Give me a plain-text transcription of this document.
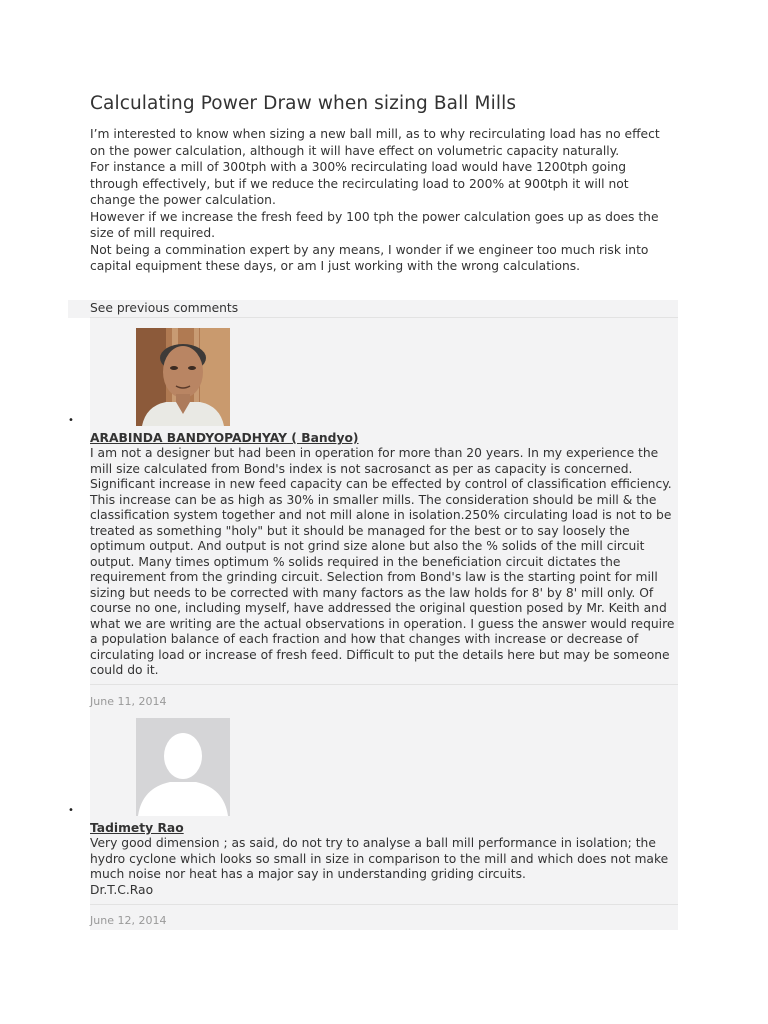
Calculating Power Draw when sizing Ball Mills

I’m interested to know when sizing a new ball mill, as to why recirculating load has no effect on the power calculation, although it will have effect on volumetric capacity naturally.

For instance a mill of 300tph with a 300% recirculating load would have 1200tph going through effectively, but if we reduce the recirculating load to 200% at 900tph it will not change the power calculation.

However if we increase the fresh feed by 100 tph the power calculation goes up as does the size of mill required.

Not being a commination expert by any means, I wonder if we engineer too much risk into capital equipment these days, or am I just working with the wrong calculations.

See previous comments
ARABINDA BANDYOPADHYAY ( Bandyo)

I am not a designer but had been in operation for more than 20 years. In my experience the mill size calculated from Bond's index is not sacrosanct as per as capacity is concerned. Significant increase in new feed capacity can be effected by control of classification efficiency. This increase can be as high as 30% in smaller mills. The consideration should be mill & the classification system together and not mill alone in isolation.250% circulating load is not to be treated as something "holy" but it should be managed for the best or to say loosely the optimum output. And output is not grind size alone but also the % solids of the mill circuit output. Many times optimum % solids required in the beneficiation circuit dictates the requirement from the grinding circuit. Selection from Bond's law is the starting point for mill sizing but needs to be corrected with many factors as the law holds for 8' by 8' mill only. Of course no one, including myself, have addressed the original question posed by Mr. Keith and what we are writing are the actual observations in operation. I guess the answer would require a population balance of each fraction and how that changes with increase or decrease of circulating load or increase of fresh feed. Difficult to put the details here but may be someone could do it.

June 11, 2014
•
Tadimety Rao

Very good dimension ; as said, do not try to analyse a ball mill performance in isolation; the hydro cyclone which looks so small in size in comparison to the mill and which does not make much noise nor heat has a major say in understanding griding circuits.

Dr.T.C.Rao

June 12, 2014
•
